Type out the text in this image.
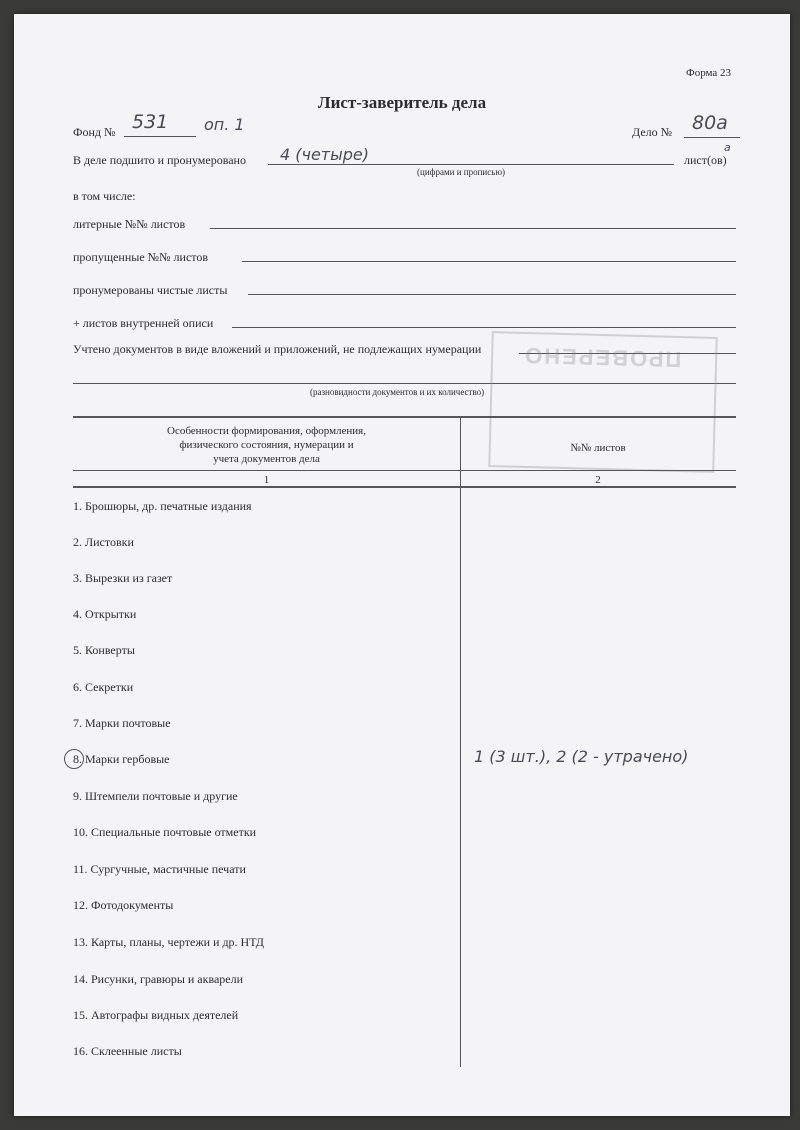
Форма 23
Лист-заверитель дела
Фонд № 531 оп. 1	Дело № 80а
В деле подшито и пронумеровано 4 (четыре)
(цифрами и прописью)
лист(ов)
а
в том числе:
литерные №№ листов
пропущенные №№ листов
пронумерованы чистые листы
+ листов внутренней описи
Учтено документов в виде вложений и приложений, не подлежащих нумерации
(разновидности документов и их количество)
ПРОВЕРЕНО
Особенности формирования, оформления,
физического состояния, нумерации и
учета документов дела
№№ листов
1	2
1. Брошюры, др. печатные издания
2. Листовки
3. Вырезки из газет
4. Открытки
5. Конверты
6. Секретки
7. Марки почтовые
8. Марки гербовые	1 (3 шт.), 2 (2 - утрачено)
9. Штемпели почтовые и другие
10. Специальные почтовые отметки
11. Сургучные, мастичные печати
12. Фотодокументы
13. Карты, планы, чертежи и др. НТД
14. Рисунки, гравюры и акварели
15. Автографы видных деятелей
16. Склеенные листы
